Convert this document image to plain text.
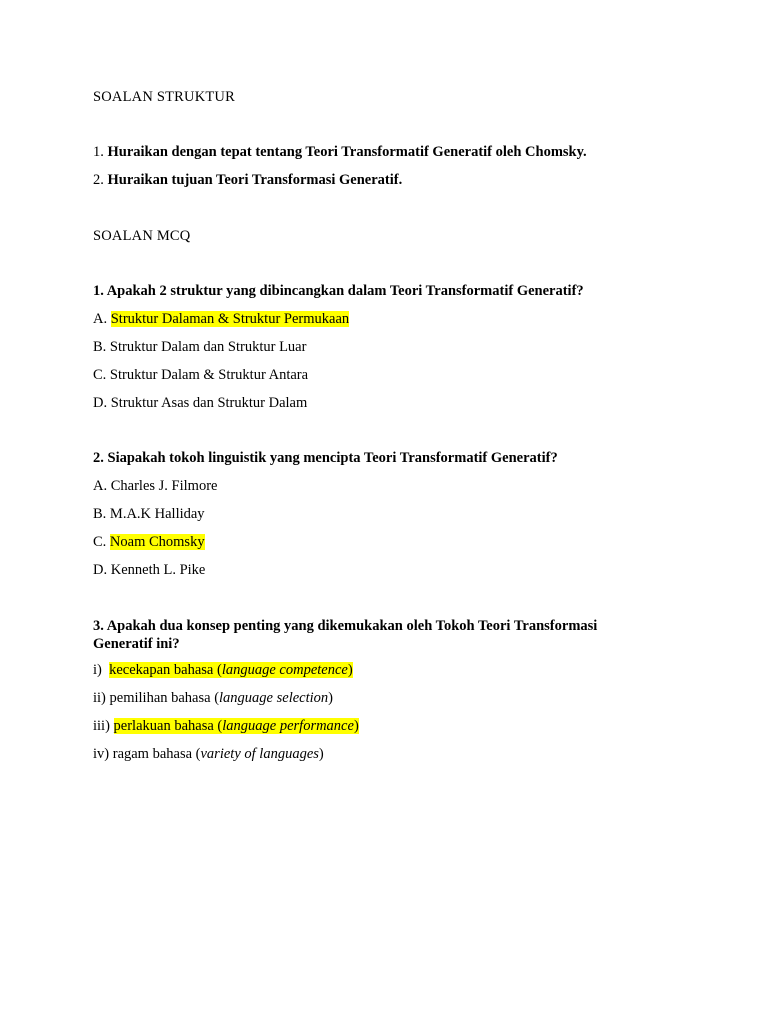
SOALAN STRUKTUR
1. Huraikan dengan tepat tentang Teori Transformatif Generatif oleh Chomsky.
2. Huraikan tujuan Teori Transformasi Generatif.
SOALAN MCQ
1. Apakah 2 struktur yang dibincangkan dalam Teori Transformatif Generatif?
A. Struktur Dalaman & Struktur Permukaan
B. Struktur Dalam dan Struktur Luar
C. Struktur Dalam & Struktur Antara
D. Struktur Asas dan Struktur Dalam
2. Siapakah tokoh linguistik yang mencipta Teori Transformatif Generatif?
A. Charles J. Filmore
B. M.A.K Halliday
C. Noam Chomsky
D. Kenneth L. Pike
3. Apakah dua konsep penting yang dikemukakan oleh Tokoh Teori Transformasi Generatif ini?
i) kecekapan bahasa (language competence)
ii) pemilihan bahasa (language selection)
iii) perlakuan bahasa (language performance)
iv) ragam bahasa (variety of languages)
